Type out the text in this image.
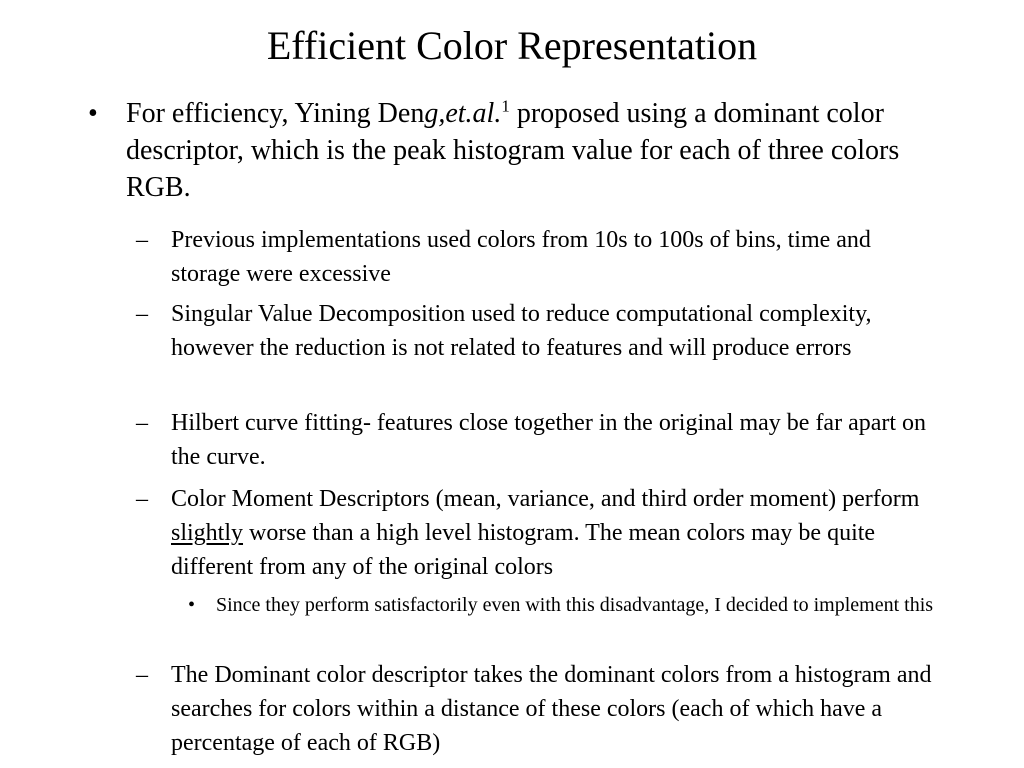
Efficient Color Representation
• For efficiency, Yining Deng,et.al.$^1$ proposed using a dominant color descriptor, which is the peak histogram value for each of three colors RGB.
– Previous implementations used colors from 10s to 100s of bins, time and storage were excessive
– Singular Value Decomposition used to reduce computational complexity, however the reduction is not related to features and will produce errors
– Hilbert curve fitting- features close together in the original may be far apart on the curve.
– Color Moment Descriptors (mean, variance, and third order moment) perform slightly worse than a high level histogram. The mean colors may be quite different from any of the original colors
• Since they perform satisfactorily even with this disadvantage, I decided to implement this
– The Dominant color descriptor takes the dominant colors from a histogram and searches for colors within a distance of these colors (each of which have a percentage of each of RGB)
